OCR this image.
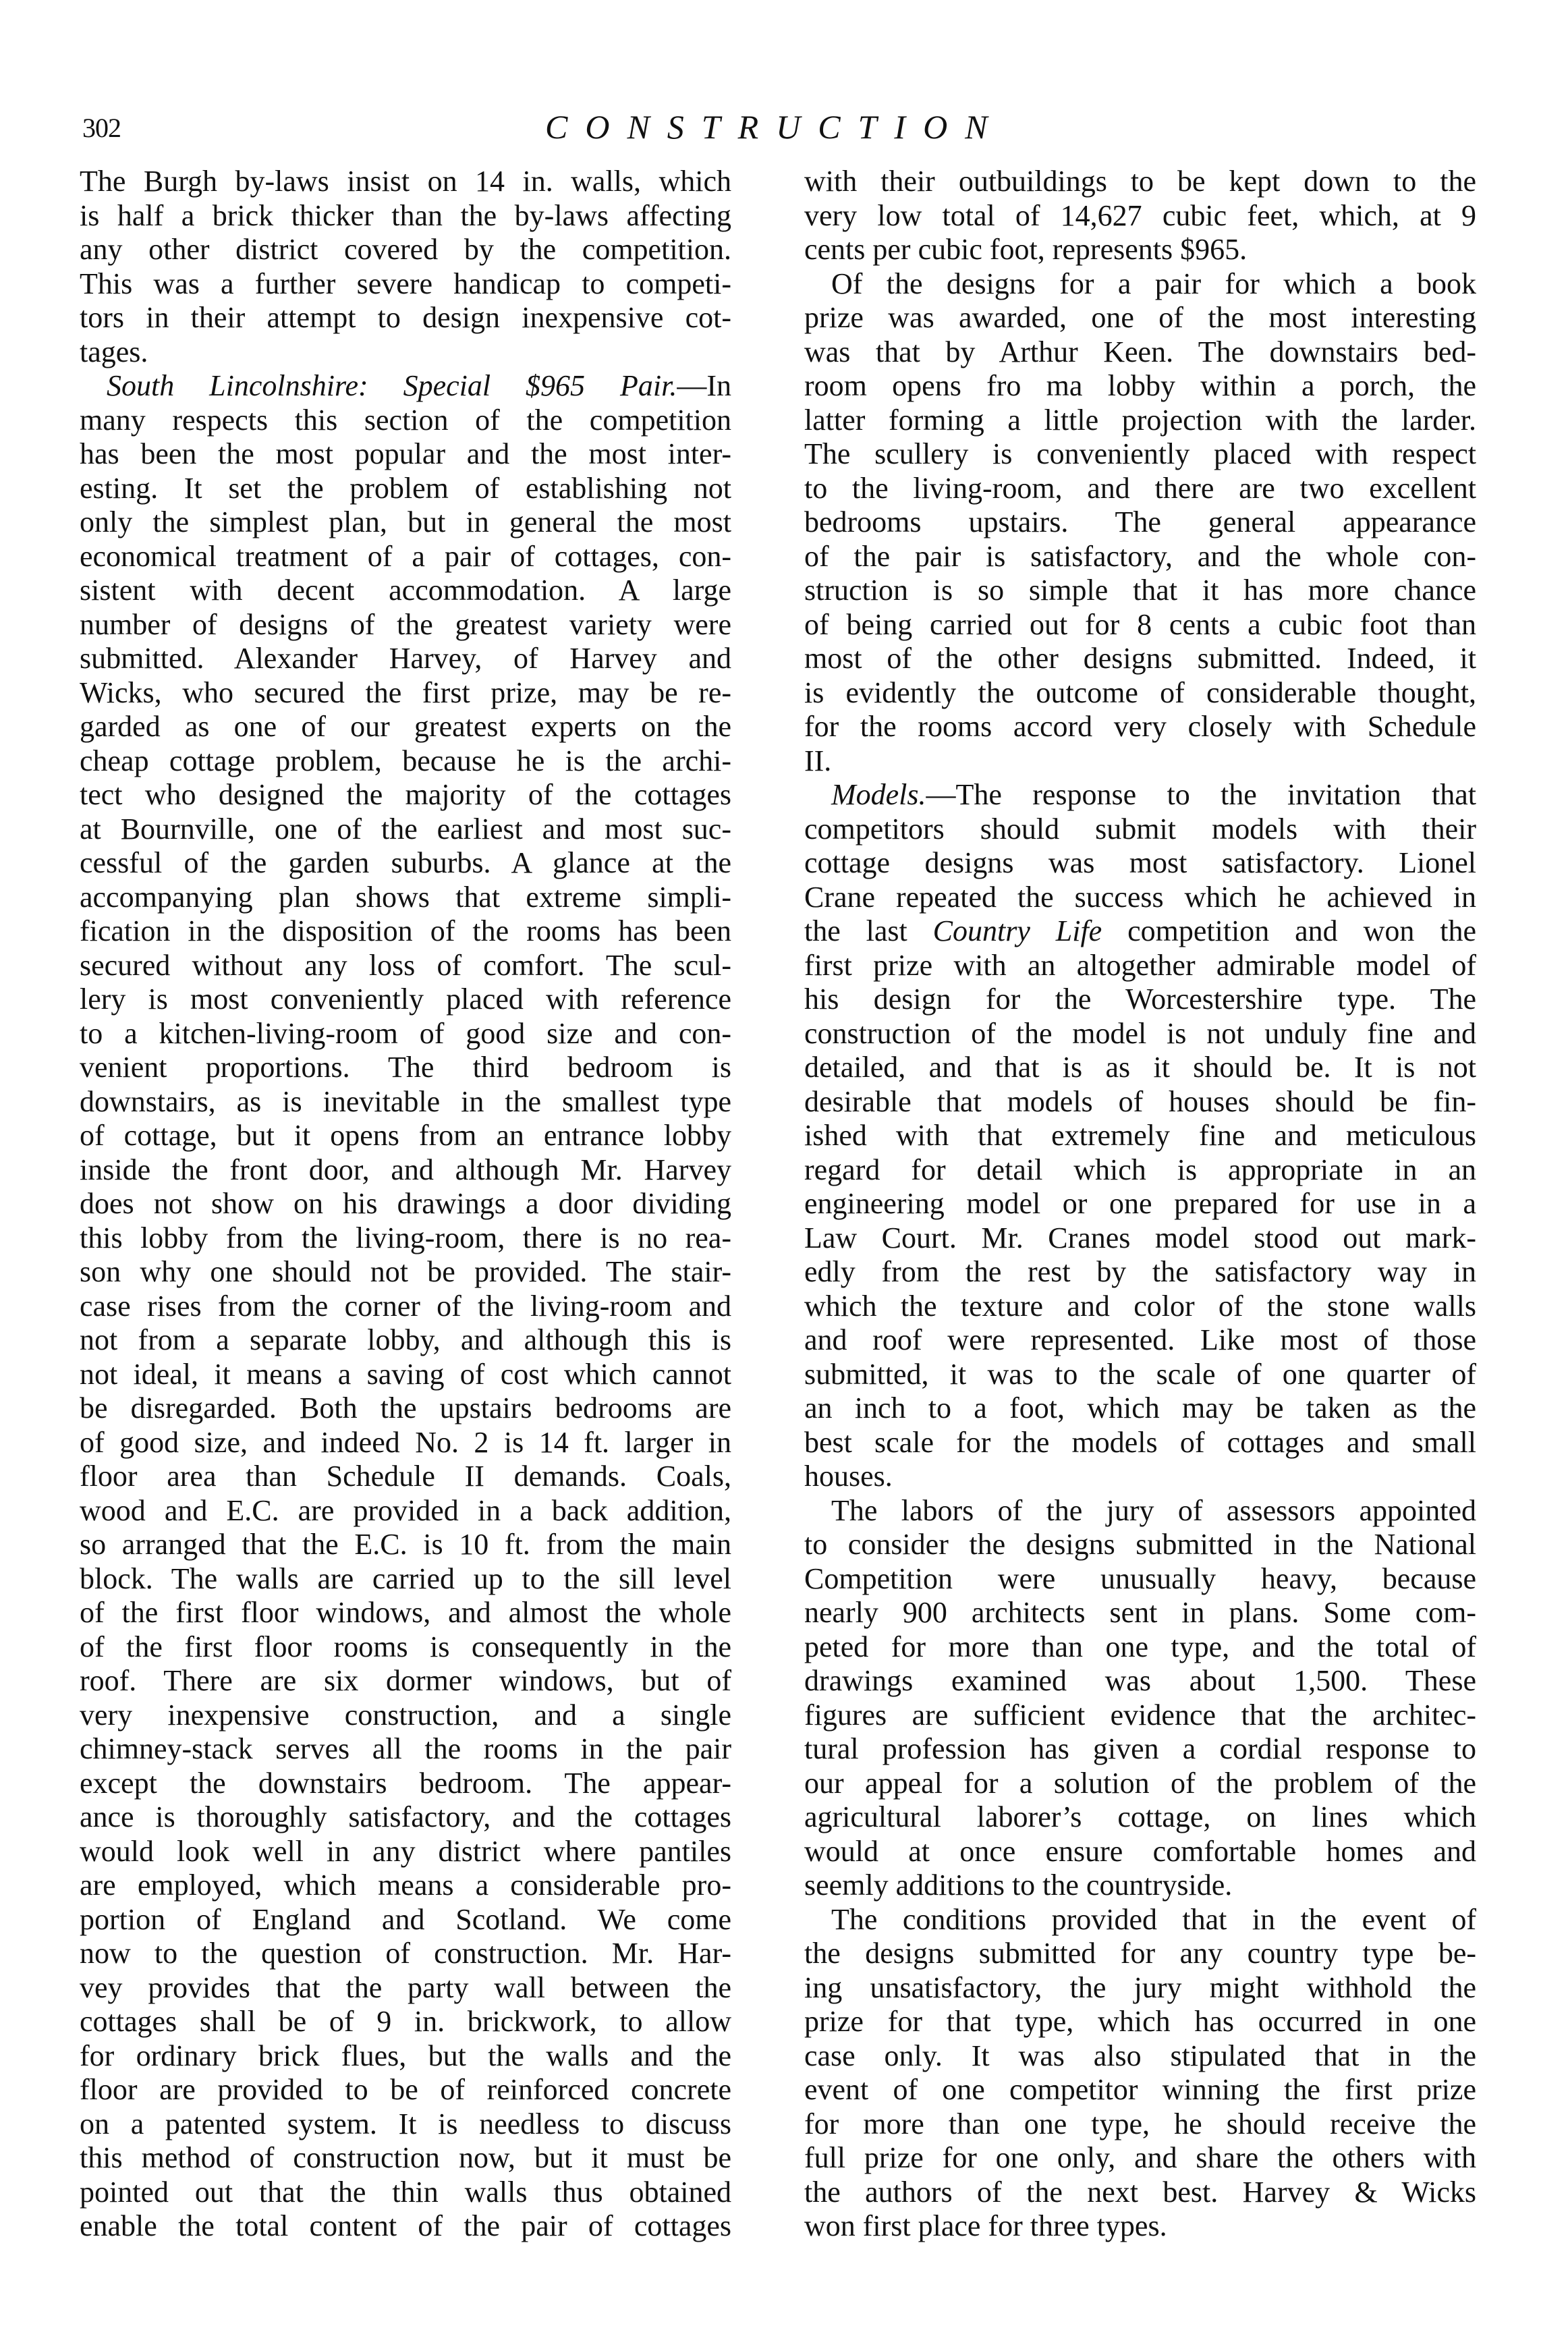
302	CONSTRUCTION
The Burgh by-laws insist on 14 in. walls, which
is half a brick thicker than the by-laws affecting
any other district covered by the competition.
This was a further severe handicap to competi-
tors in their attempt to design inexpensive cot-
tages.
South Lincolnshire: Special $965 Pair.—In
many respects this section of the competition
has been the most popular and the most inter-
esting. It set the problem of establishing not
only the simplest plan, but in general the most
economical treatment of a pair of cottages, con-
sistent with decent accommodation. A large
number of designs of the greatest variety were
submitted. Alexander Harvey, of Harvey and
Wicks, who secured the first prize, may be re-
garded as one of our greatest experts on the
cheap cottage problem, because he is the archi-
tect who designed the majority of the cottages
at Bournville, one of the earliest and most suc-
cessful of the garden suburbs. A glance at the
accompanying plan shows that extreme simpli-
fication in the disposition of the rooms has been
secured without any loss of comfort. The scul-
lery is most conveniently placed with reference
to a kitchen-living-room of good size and con-
venient proportions. The third bedroom is
downstairs, as is inevitable in the smallest type
of cottage, but it opens from an entrance lobby
inside the front door, and although Mr. Harvey
does not show on his drawings a door dividing
this lobby from the living-room, there is no rea-
son why one should not be provided. The stair-
case rises from the corner of the living-room and
not from a separate lobby, and although this is
not ideal, it means a saving of cost which cannot
be disregarded. Both the upstairs bedrooms are
of good size, and indeed No. 2 is 14 ft. larger in
floor area than Schedule II demands. Coals,
wood and E.C. are provided in a back addition,
so arranged that the E.C. is 10 ft. from the main
block. The walls are carried up to the sill level
of the first floor windows, and almost the whole
of the first floor rooms is consequently in the
roof. There are six dormer windows, but of
very inexpensive construction, and a single
chimney-stack serves all the rooms in the pair
except the downstairs bedroom. The appear-
ance is thoroughly satisfactory, and the cottages
would look well in any district where pantiles
are employed, which means a considerable pro-
portion of England and Scotland. We come
now to the question of construction. Mr. Har-
vey provides that the party wall between the
cottages shall be of 9 in. brickwork, to allow
for ordinary brick flues, but the walls and the
floor are provided to be of reinforced concrete
on a patented system. It is needless to discuss
this method of construction now, but it must be
pointed out that the thin walls thus obtained
enable the total content of the pair of cottages
with their outbuildings to be kept down to the
very low total of 14,627 cubic feet, which, at 9
cents per cubic foot, represents $965.
Of the designs for a pair for which a book
prize was awarded, one of the most interesting
was that by Arthur Keen. The downstairs bed-
room opens fro ma lobby within a porch, the
latter forming a little projection with the larder.
The scullery is conveniently placed with respect
to the living-room, and there are two excellent
bedrooms upstairs. The general appearance
of the pair is satisfactory, and the whole con-
struction is so simple that it has more chance
of being carried out for 8 cents a cubic foot than
most of the other designs submitted. Indeed, it
is evidently the outcome of considerable thought,
for the rooms accord very closely with Schedule
II.
Models.—The response to the invitation that
competitors should submit models with their
cottage designs was most satisfactory. Lionel
Crane repeated the success which he achieved in
the last Country Life competition and won the
first prize with an altogether admirable model of
his design for the Worcestershire type. The
construction of the model is not unduly fine and
detailed, and that is as it should be. It is not
desirable that models of houses should be fin-
ished with that extremely fine and meticulous
regard for detail which is appropriate in an
engineering model or one prepared for use in a
Law Court. Mr. Cranes model stood out mark-
edly from the rest by the satisfactory way in
which the texture and color of the stone walls
and roof were represented. Like most of those
submitted, it was to the scale of one quarter of
an inch to a foot, which may be taken as the
best scale for the models of cottages and small
houses.
The labors of the jury of assessors appointed
to consider the designs submitted in the National
Competition were unusually heavy, because
nearly 900 architects sent in plans. Some com-
peted for more than one type, and the total of
drawings examined was about 1,500. These
figures are sufficient evidence that the architec-
tural profession has given a cordial response to
our appeal for a solution of the problem of the
agricultural laborer’s cottage, on lines which
would at once ensure comfortable homes and
seemly additions to the countryside.
The conditions provided that in the event of
the designs submitted for any country type be-
ing unsatisfactory, the jury might withhold the
prize for that type, which has occurred in one
case only. It was also stipulated that in the
event of one competitor winning the first prize
for more than one type, he should receive the
full prize for one only, and share the others with
the authors of the next best. Harvey & Wicks
won first place for three types.
